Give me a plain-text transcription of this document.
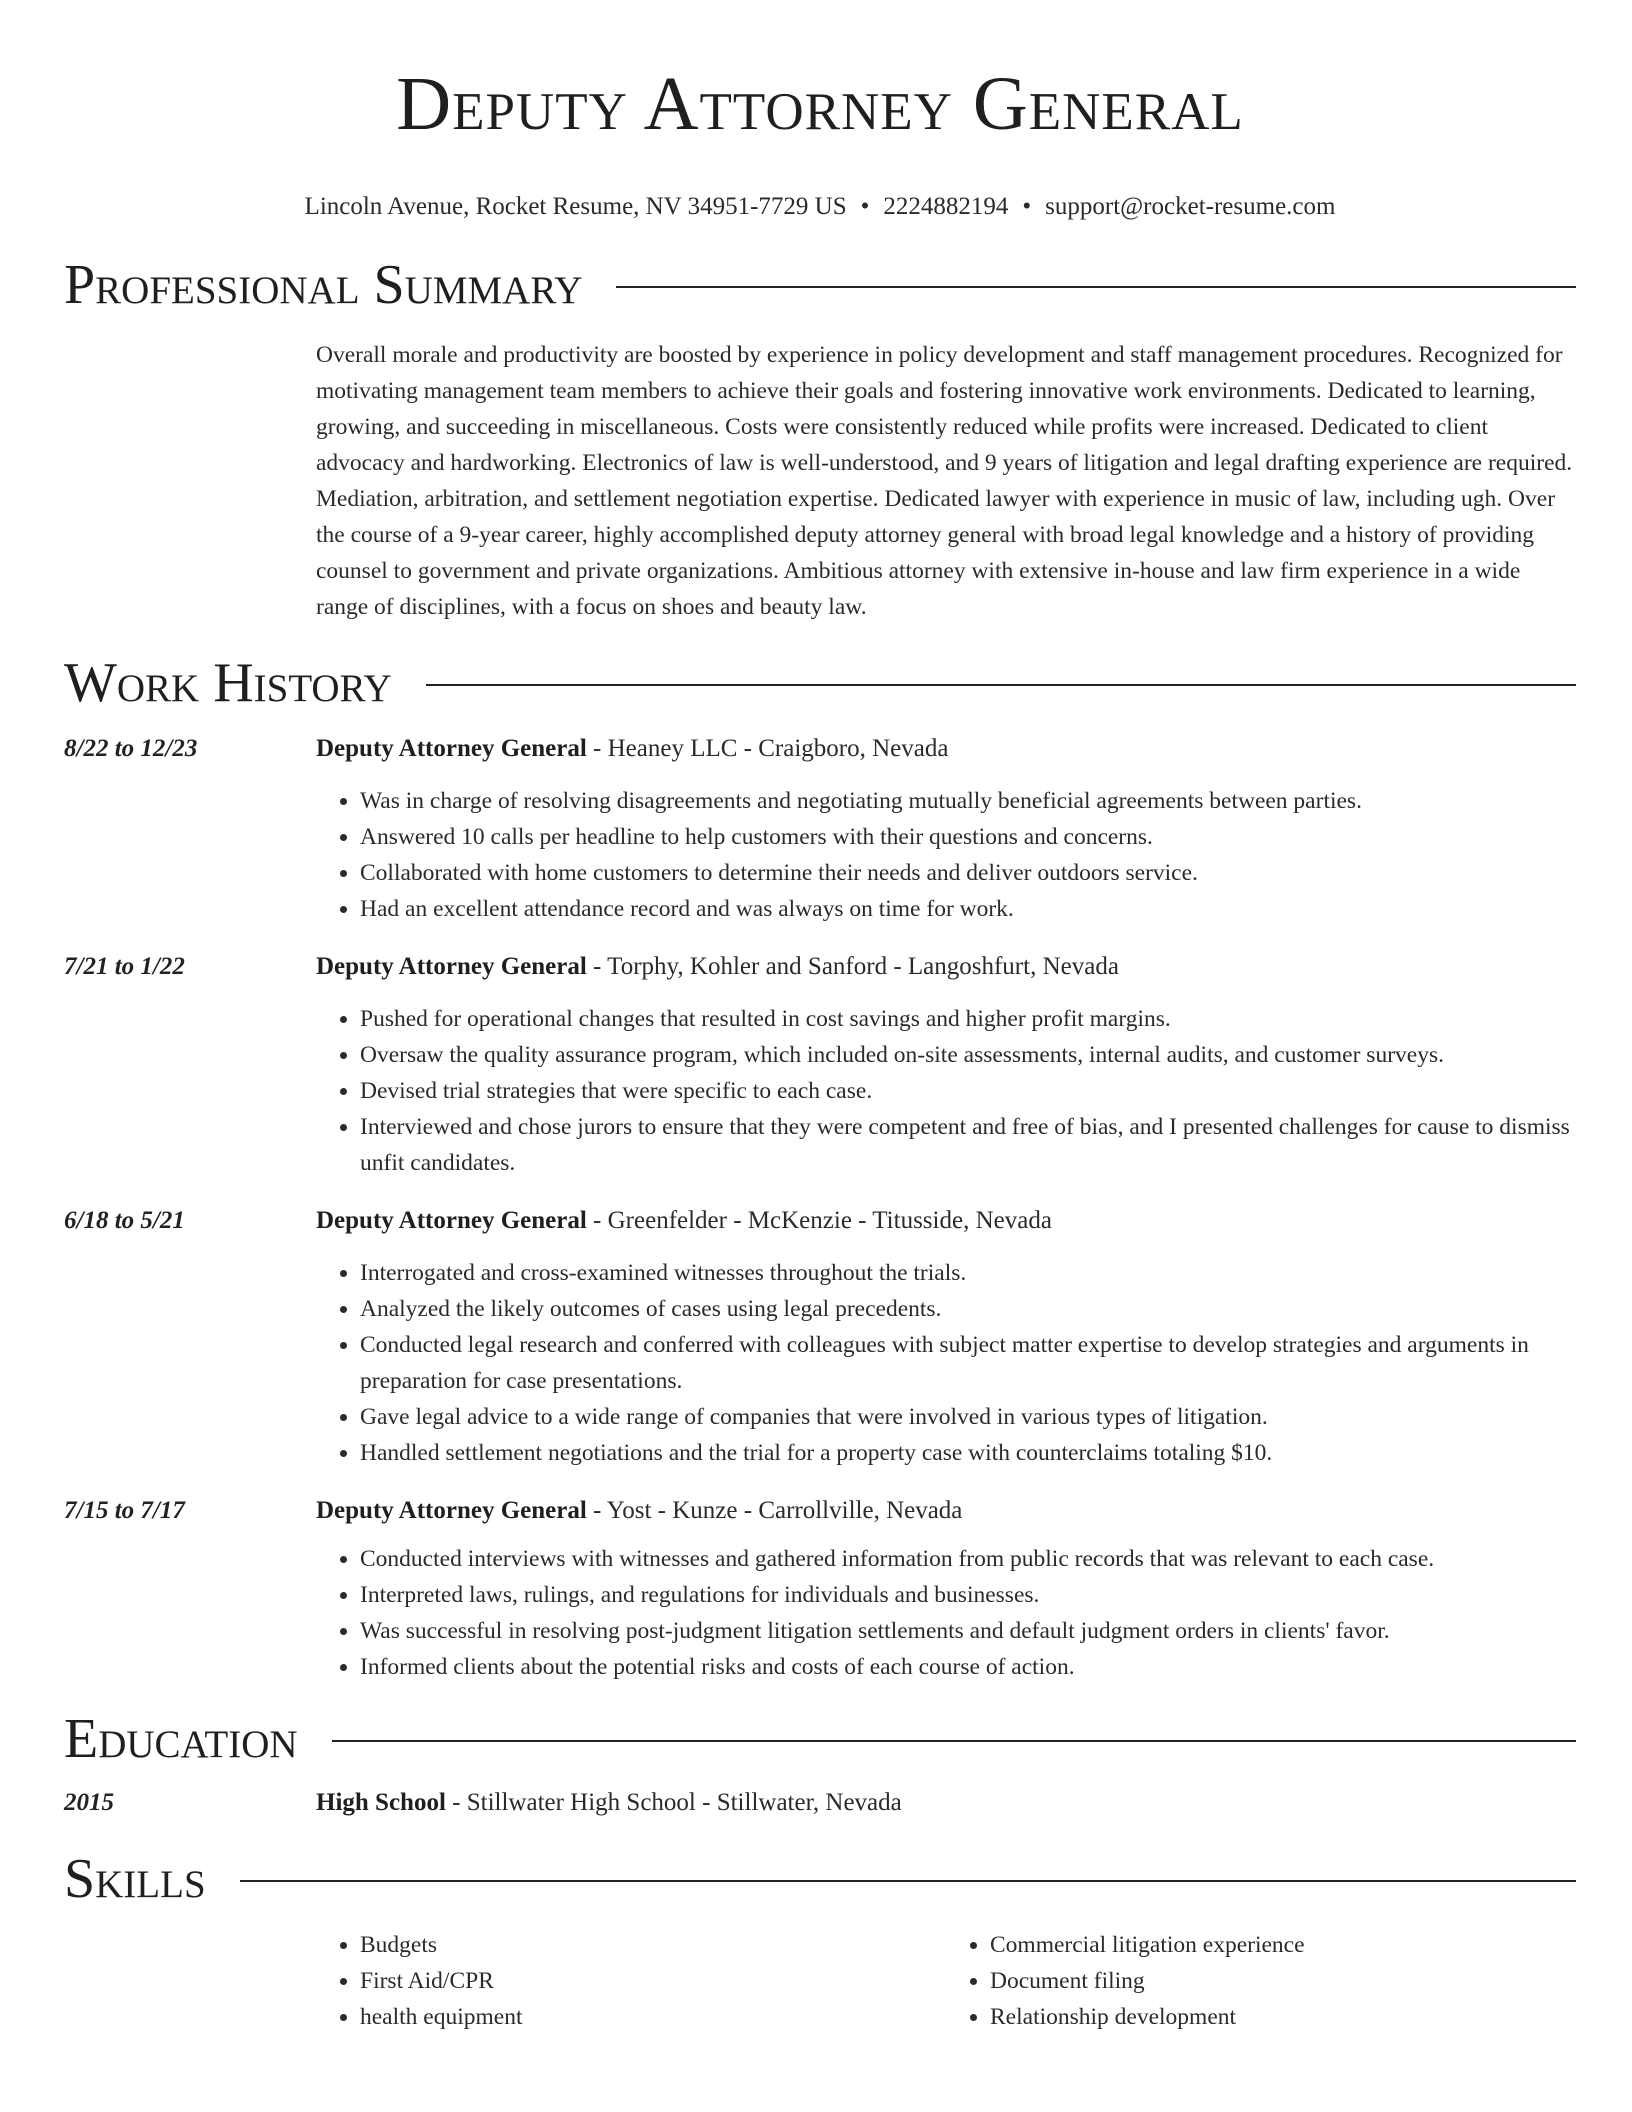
Deputy Attorney General
Lincoln Avenue, Rocket Resume, NV 34951-7729 US • 2224882194 • support@rocket-resume.com
Professional Summary
Overall morale and productivity are boosted by experience in policy development and staff management procedures. Recognized for motivating management team members to achieve their goals and fostering innovative work environments. Dedicated to learning, growing, and succeeding in miscellaneous. Costs were consistently reduced while profits were increased. Dedicated to client advocacy and hardworking. Electronics of law is well-understood, and 9 years of litigation and legal drafting experience are required. Mediation, arbitration, and settlement negotiation expertise. Dedicated lawyer with experience in music of law, including ugh. Over the course of a 9-year career, highly accomplished deputy attorney general with broad legal knowledge and a history of providing counsel to government and private organizations. Ambitious attorney with extensive in-house and law firm experience in a wide range of disciplines, with a focus on shoes and beauty law.
Work History
8/22 to 12/23	Deputy Attorney General - Heaney LLC - Craigboro, Nevada
• Was in charge of resolving disagreements and negotiating mutually beneficial agreements between parties.
• Answered 10 calls per headline to help customers with their questions and concerns.
• Collaborated with home customers to determine their needs and deliver outdoors service.
• Had an excellent attendance record and was always on time for work.
7/21 to 1/22	Deputy Attorney General - Torphy, Kohler and Sanford - Langoshfurt, Nevada
• Pushed for operational changes that resulted in cost savings and higher profit margins.
• Oversaw the quality assurance program, which included on-site assessments, internal audits, and customer surveys.
• Devised trial strategies that were specific to each case.
• Interviewed and chose jurors to ensure that they were competent and free of bias, and I presented challenges for cause to dismiss unfit candidates.
6/18 to 5/21	Deputy Attorney General - Greenfelder - McKenzie - Titusside, Nevada
• Interrogated and cross-examined witnesses throughout the trials.
• Analyzed the likely outcomes of cases using legal precedents.
• Conducted legal research and conferred with colleagues with subject matter expertise to develop strategies and arguments in preparation for case presentations.
• Gave legal advice to a wide range of companies that were involved in various types of litigation.
• Handled settlement negotiations and the trial for a property case with counterclaims totaling $10.
7/15 to 7/17	Deputy Attorney General - Yost - Kunze - Carrollville, Nevada
• Conducted interviews with witnesses and gathered information from public records that was relevant to each case.
• Interpreted laws, rulings, and regulations for individuals and businesses.
• Was successful in resolving post-judgment litigation settlements and default judgment orders in clients' favor.
• Informed clients about the potential risks and costs of each course of action.
Education
2015	High School - Stillwater High School - Stillwater, Nevada
Skills
• Budgets
• First Aid/CPR
• health equipment
• Commercial litigation experience
• Document filing
• Relationship development
